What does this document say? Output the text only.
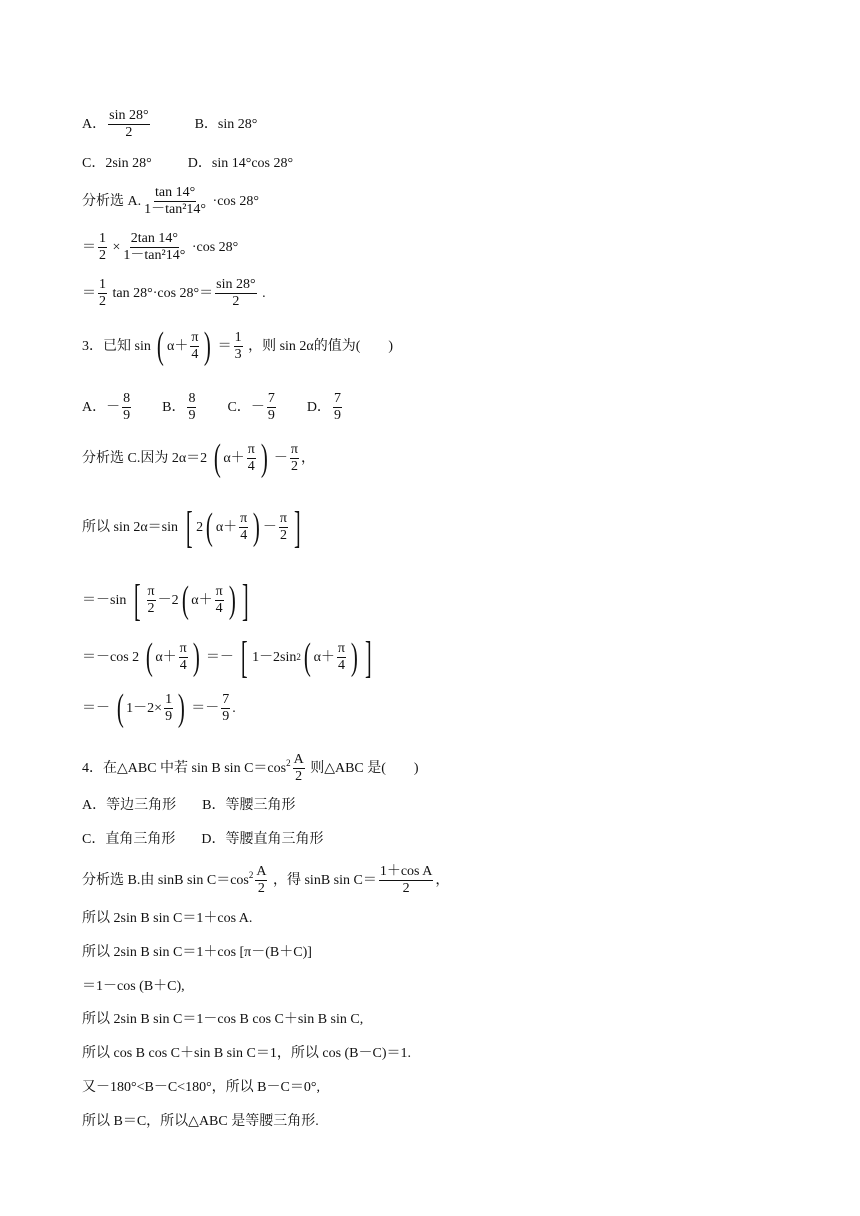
A． $\frac{\sin 28^\circ}{2}$	B．sin 28°
C．2sin 28°	D．sin 14°cos 28°
分析选 A. $\frac{\tan 14^\circ}{\text{1－tan²14°}} \cdot\cos$ 28°
＝ $\frac{1}{2} \times \frac{2\tan 14^\circ}{\text{1－tan²14°}} \cdot\cos$ 28°
＝ $\frac{1}{2}$ tan 28°·cos $28^\circ= \frac{\sin 28^\circ}{2}$ .
3．已知 sin ( $\alpha+ \frac{\pi}{4}$ ) ＝ $\frac{1}{3}$ ，则 sin 2α的值为(　　)
A．－ $\frac{8}{9}$ B． $\frac{8}{9}$ C．－ $\frac{7}{9}$ D． $\frac{7}{9}$
分析选 C.因为 2α＝2 ( $\alpha+ \frac{\pi}{4}$ ) － $\frac{\pi}{2}$ ，
所以 sin 2α＝sin [ 2 ( $\alpha+ \frac{\pi}{4}$ ) － $\frac{\pi}{2}$ ]
＝－sin [ $\frac{\pi}{2} -2$ ( $\alpha+ \frac{\pi}{4}$ ) ]
＝－cos 2 ( $\alpha+ \frac{\pi}{4}$ ) ＝－ [ 1－2sin 2 ( $\alpha+ \frac{\pi}{4}$ ) ]
＝－ ( $1-2\times \frac{1}{9}$ ) ＝－ $\frac{7}{9}$ .
4．在△ABC 中若 sin B $\sin C=\cos^2 \frac{A}{2}$ 则△ABC 是(　　)
A．等边三角形 B．等腰三角形
C．直角三角形 D．等腰直角三角形
分析选 B.由 sinB $\sin C=\cos^2 \frac{A}{2}$ ，得 sinB $\sin C= \frac{\text{1＋cos A}}{2}$ ，
所以 2sin B sin C＝1＋cos A.
所以 2sin B sin C＝1＋cos [π－(B＋C)]
＝1－cos (B＋C),
所以 2sin B sin C＝1－cos B cos C＋sin B sin C,
所以 cos B cos C＋sin B sin C＝1，所以 cos (B－C)＝1.
又－180°<B－C<180°，所以 B－C＝0°,
所以 B＝C，所以△ABC 是等腰三角形.
